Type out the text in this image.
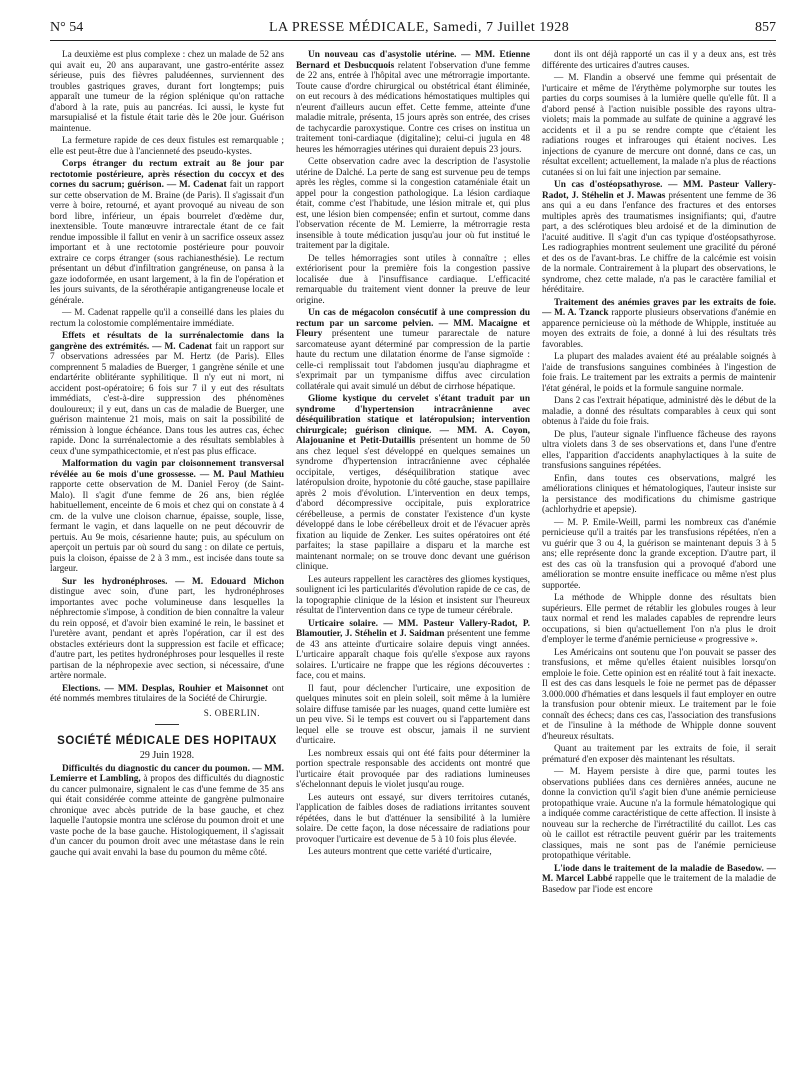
N° 54	LA PRESSE MÉDICALE, Samedi, 7 Juillet 1928	857

La deuxième est plus complexe : chez un malade de 52 ans qui avait eu, 20 ans auparavant, une gastro-entérite assez sérieuse, puis des fièvres paludéennes, surviennent des troubles gastriques graves, durant fort longtemps; puis apparaît une tumeur de la région splénique qu'on rattache d'abord à la rate, puis au pancréas. Ici aussi, le kyste fut marsupialisé et la fistule était tarie dès le 20e jour. Guérison maintenue.

La fermeture rapide de ces deux fistules est remarquable ; elle est peut-être due à l'ancienneté des pseudo-kystes.

Corps étranger du rectum extrait au 8e jour par rectotomie postérieure, après résection du coccyx et des cornes du sacrum; guérison. — M. Cadenat fait un rapport sur cette observation de M. Braine (de Paris). Il s'agissait d'un verre à boire, retourné, et ayant provoqué au niveau de son bord libre, inférieur, un épais bourrelet d'œdème dur, inextensible. Toute manœuvre intrarectale étant de ce fait rendue impossible il fallut en venir à un sacrifice osseux assez important et à une rectotomie postérieure pour pouvoir extraire ce corps étranger (sous rachianesthésie). Le rectum présentant un début d'infiltration gangréneuse, on pansa à la gaze iodoformée, en usant largement, à la fin de l'opération et les jours suivants, de la sérothérapie antigangreneuse locale et générale.

— M. Cadenat rappelle qu'il a conseillé dans les plaies du rectum la colostomie complémentaire immédiate.

Effets et résultats de la surrénalectomie dans la gangrène des extrémités. — M. Cadenat fait un rapport sur 7 observations adressées par M. Hertz (de Paris). Elles comprennent 5 maladies de Buerger, 1 gangrène sénile et une endartérite oblitérante syphilitique. Il n'y eut ni mort, ni accident post-opératoire; 6 fois sur 7 il y eut des résultats immédiats, c'est-à-dire suppression des phénomènes douloureux; il y eut, dans un cas de maladie de Buerger, une guérison maintenue 21 mois, mais on sait la possibilité de rémission à longue échéance. Dans tous les autres cas, échec rapide. Donc la surrénalectomie a des résultats semblables à ceux d'une sympathicectomie, et n'est pas plus efficace.

Malformation du vagin par cloisonnement transversal révélée au 6e mois d'une grossesse. — M. Paul Mathieu rapporte cette observation de M. Daniel Feroy (de Saint-Malo). Il s'agit d'une femme de 26 ans, bien réglée habituellement, enceinte de 6 mois et chez qui on constate à 4 cm. de la vulve une cloison charnue, épaisse, souple, lisse, fermant le vagin, et dans laquelle on ne peut découvrir de pertuis. Au 9e mois, césarienne haute; puis, au spéculum on aperçoit un pertuis par où sourd du sang : on dilate ce pertuis, puis la cloison, épaisse de 2 à 3 mm., est incisée dans toute sa largeur.

Sur les hydronéphroses. — M. Edouard Michon distingue avec soin, d'une part, les hydronéphroses importantes avec poche volumineuse dans lesquelles la néphrectomie s'impose, à condition de bien connaître la valeur du rein opposé, et d'avoir bien examiné le rein, le bassinet et l'uretère avant, pendant et après l'opération, car il est des obstacles extérieurs dont la suppression est facile et efficace; d'autre part, les petites hydronéphroses pour lesquelles il reste partisan de la néphropexie avec section, si nécessaire, d'une artère normale.

Elections. — MM. Desplas, Rouhier et Maisonnet ont été nommés membres titulaires de la Société de Chirurgie.

S. OBERLIN.

SOCIÉTÉ MÉDICALE DES HOPITAUX

29 Juin 1928.

Difficultés du diagnostic du cancer du poumon. — MM. Lemierre et Lambling, à propos des difficultés du diagnostic du cancer pulmonaire, signalent le cas d'une femme de 35 ans qui était considérée comme atteinte de gangrène pulmonaire chronique avec abcès putride de la base gauche, et chez laquelle l'autopsie montra une sclérose du poumon droit et une vaste poche de la base gauche. Histologiquement, il s'agissait d'un cancer du poumon droit avec une métastase dans le rein gauche qui avait envahi la base du poumon du même côté.

Un nouveau cas d'asystolie utérine. — MM. Etienne Bernard et Desbucquois relatent l'observation d'une femme de 22 ans, entrée à l'hôpital avec une métrorragie importante. Toute cause d'ordre chirurgical ou obstétrical étant éliminée, on eut recours à des médications hémostatiques multiples qui n'eurent d'ailleurs aucun effet. Cette femme, atteinte d'une maladie mitrale, présenta, 15 jours après son entrée, des crises de tachycardie paroxystique. Contre ces crises on institua un traitement toni-cardiaque (digitaline); celui-ci jugula en 48 heures les hémorragies utérines qui duraient depuis 23 jours.

Cette observation cadre avec la description de l'asystolie utérine de Dalché. La perte de sang est survenue peu de temps après les règles, comme si la congestion cataméniale était un appel pour la congestion pathologique. La lésion cardiaque était, comme c'est l'habitude, une lésion mitrale et, qui plus est, une lésion bien compensée; enfin et surtout, comme dans l'observation récente de M. Lemierre, la métrorragie resta insensible à toute médication jusqu'au jour où fut institué le traitement par la digitale.

De telles hémorragies sont utiles à connaître ; elles extériorisent pour la première fois la congestion passive localisée due à l'insuffisance cardiaque. L'efficacité remarquable du traitement vient donner la preuve de leur origine.

Un cas de mégacolon consécutif à une compression du rectum par un sarcome pelvien. — MM. Macaigne et Fleury présentent une tumeur pararectale de nature sarcomateuse ayant déterminé par compression de la partie haute du rectum une dilatation énorme de l'anse sigmoïde : celle-ci remplissait tout l'abdomen jusqu'au diaphragme et s'exprimait par un tympanisme diffus avec circulation collatérale qui avait simulé un début de cirrhose hépatique.

Gliome kystique du cervelet s'étant traduit par un syndrome d'hypertension intracrânienne avec déséquilibration statique et latéropulsion; intervention chirurgicale; guérison clinique. — MM. A. Coyon, Alajouanine et Petit-Dutaillis présentent un homme de 50 ans chez lequel s'est développé en quelques semaines un syndrome d'hypertension intracrânienne avec céphalée occipitale, vertiges, déséquilibration statique avec latéropulsion droite, hypotonie du côté gauche, stase papillaire après 2 mois d'évolution. L'intervention en deux temps, d'abord décompressive occipitale, puis exploratrice cérébelleuse, a permis de constater l'existence d'un kyste développé dans le lobe cérébelleux droit et de l'évacuer après fixation au liquide de Zenker. Les suites opératoires ont été parfaites; la stase papillaire a disparu et la marche est maintenant normale; on se trouve donc devant une guérison clinique.

Les auteurs rappellent les caractères des gliomes kystiques, soulignent ici les particularités d'évolution rapide de ce cas, de la topographie clinique de la lésion et insistent sur l'heureux résultat de l'intervention dans ce type de tumeur cérébrale.

Urticaire solaire. — MM. Pasteur Vallery-Radot, P. Blamoutier, J. Stéhelin et J. Saidman présentent une femme de 43 ans atteinte d'urticaire solaire depuis vingt années. L'urticaire apparaît chaque fois qu'elle s'expose aux rayons solaires. L'urticaire ne frappe que les régions découvertes : face, cou et mains.

Il faut, pour déclencher l'urticaire, une exposition de quelques minutes soit en plein soleil, soit même à la lumière solaire diffuse tamisée par les nuages, quand cette lumière est un peu vive. Si le temps est couvert ou si l'appartement dans lequel elle se trouve est obscur, jamais il ne survient d'urticaire.

Les nombreux essais qui ont été faits pour déterminer la portion spectrale responsable des accidents ont montré que l'urticaire était provoquée par des radiations lumineuses s'échelonnant depuis le violet jusqu'au rouge.

Les auteurs ont essayé, sur divers territoires cutanés, l'application de faibles doses de radiations irritantes souvent répétées, dans le but d'atténuer la sensibilité à la lumière solaire. De cette façon, la dose nécessaire de radiations pour provoquer l'urticaire est devenue de 5 à 10 fois plus élevée.

Les auteurs montrent que cette variété d'urticaire,

dont ils ont déjà rapporté un cas il y a deux ans, est très différente des urticaires d'autres causes.

— M. Flandin a observé une femme qui présentait de l'urticaire et même de l'érythème polymorphe sur toutes les parties du corps soumises à la lumière quelle qu'elle fût. Il a d'abord pensé à l'action nuisible possible des rayons ultra-violets; mais la pommade au sulfate de quinine a aggravé les accidents et il a pu se rendre compte que c'étaient les radiations rouges et infrarouges qui étaient nocives. Les injections de cyanure de mercure ont donné, dans ce cas, un résultat excellent; actuellement, la malade n'a plus de réactions cutanées si on lui fait une injection par semaine.

Un cas d'ostéopsathyrose. — MM. Pasteur Vallery-Radot, J. Stéhelin et J. Mawas présentent une femme de 36 ans qui a eu dans l'enfance des fractures et des entorses multiples après des traumatismes insignifiants; qui, d'autre part, a des sclérotiques bleu ardoisé et de la diminution de l'acuité auditive. Il s'agit d'un cas typique d'ostéopsathyrose. Les radiographies montrent seulement une gracilité du péroné et des os de l'avant-bras. Le chiffre de la calcémie est voisin de la normale. Contrairement à la plupart des observations, le syndrome, chez cette malade, n'a pas le caractère familial et héréditaire.

Traitement des anémies graves par les extraits de foie. — M. A. Tzanck rapporte plusieurs observations d'anémie en apparence pernicieuse où la méthode de Whipple, instituée au moyen des extraits de foie, a donné à lui des résultats très favorables.

La plupart des malades avaient été au préalable soignés à l'aide de transfusions sanguines combinées à l'ingestion de foie frais. Le traitement par les extraits a permis de maintenir l'état général, le poids et la formule sanguine normale.

Dans 2 cas l'extrait hépatique, administré dès le début de la maladie, a donné des résultats comparables à ceux qui sont obtenus à l'aide du foie frais.

De plus, l'auteur signale l'influence fâcheuse des rayons ultra violets dans 3 de ses observations et, dans l'une d'entre elles, l'apparition d'accidents anaphylactiques à la suite de transfusions sanguines répétées.

Enfin, dans toutes ces observations, malgré les améliorations cliniques et hématologiques, l'auteur insiste sur la persistance des modifications du chimisme gastrique (achlorhydrie et apepsie).

— M. P. Emile-Weill, parmi les nombreux cas d'anémie pernicieuse qu'il a traités par les transfusions répétées, n'en a vu guérir que 3 ou 4, la guérison se maintenant depuis 3 à 5 ans; elle représente donc la grande exception. D'autre part, il est des cas où la transfusion qui a provoqué d'abord une amélioration se montre ensuite inefficace ou même n'est plus supportée.

La méthode de Whipple donne des résultats bien supérieurs. Elle permet de rétablir les globules rouges à leur taux normal et rend les malades capables de reprendre leurs occupations, si bien qu'actuellement l'on n'a plus le droit d'employer le terme d'anémie pernicieuse « progressive ».

Les Américains ont soutenu que l'on pouvait se passer des transfusions, et même qu'elles étaient nuisibles lorsqu'on emploie le foie. Cette opinion est en réalité tout à fait inexacte. Il est des cas dans lesquels le foie ne permet pas de dépasser 3.000.000 d'hématies et dans lesquels il faut employer en outre la transfusion pour obtenir mieux. Le traitement par le foie connaît des échecs; dans ces cas, l'association des transfusions et de l'insuline à la méthode de Whipple donne souvent d'heureux résultats.

Quant au traitement par les extraits de foie, il serait prématuré d'en exposer dès maintenant les résultats.

— M. Hayem persiste à dire que, parmi toutes les observations publiées dans ces dernières années, aucune ne donne la conviction qu'il s'agit bien d'une anémie pernicieuse protopathique vraie. Aucune n'a la formule hématologique qui a indiquée comme caractéristique de cette affection. Il insiste à nouveau sur la recherche de l'irrétractilité du caillot. Les cas où le caillot est rétractile peuvent guérir par les traitements classiques, mais ne sont pas de l'anémie pernicieuse protopathique véritable.

L'iode dans le traitement de la maladie de Basedow. — M. Marcel Labbé rappelle que le traitement de la maladie de Basedow par l'iode est encore
